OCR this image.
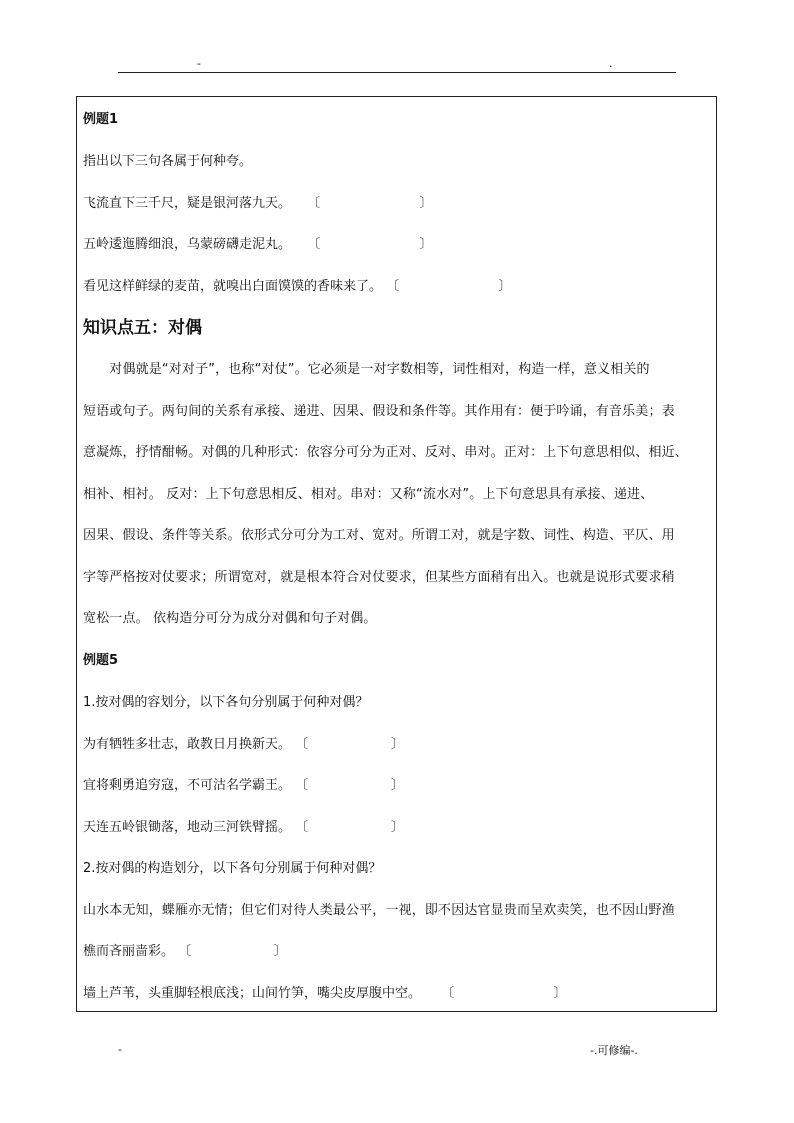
-	.
例题1
指出以下三句各属于何种夸。
飞流直下三千尺，疑是银河落九天。 〔                        〕
五岭逶迤腾细浪，乌蒙磅礴走泥丸。 〔                        〕
看见这样鲜绿的麦苗，就嗅出白面馍馍的香味来了。 〔                        〕
知识点五：对偶
　　对偶就是“对对子”，也称“对仗”。它必须是一对字数相等，词性相对，构造一样，意义相关的
短语或句子。两句间的关系有承接、递进、因果、假设和条件等。其作用有：便于吟诵，有音乐美；表
意凝炼，抒情酣畅。对偶的几种形式：依容分可分为正对、反对、串对。正对：上下句意思相似、相近、
相补、相衬。 反对：上下句意思相反、相对。串对：又称“流水对”。上下句意思具有承接、递进、
因果、假设、条件等关系。依形式分可分为工对、宽对。所谓工对，就是字数、词性、构造、平仄、用
字等严格按对仗要求；所谓宽对，就是根本符合对仗要求，但某些方面稍有出入。也就是说形式要求稍
宽松一点。 依构造分可分为成分对偶和句子对偶。
例题5
1.按对偶的容划分，以下各句分别属于何种对偶？
为有牺牲多壮志，敢教日月换新天。 〔                    〕
宜将剩勇追穷寇，不可沽名学霸王。 〔                    〕
天连五岭银锄落，地动三河铁臂摇。 〔                    〕
2.按对偶的构造划分，以下各句分别属于何种对偶？
山水本无知，蝶雁亦无情；但它们对待人类最公平，一视，即不因达官显贵而呈欢卖笑，也不因山野渔
樵而吝丽啬彩。 〔                    〕
墙上芦苇，头重脚轻根底浅；山间竹笋，嘴尖皮厚腹中空。 〔                        〕
-	-.可修编-.
